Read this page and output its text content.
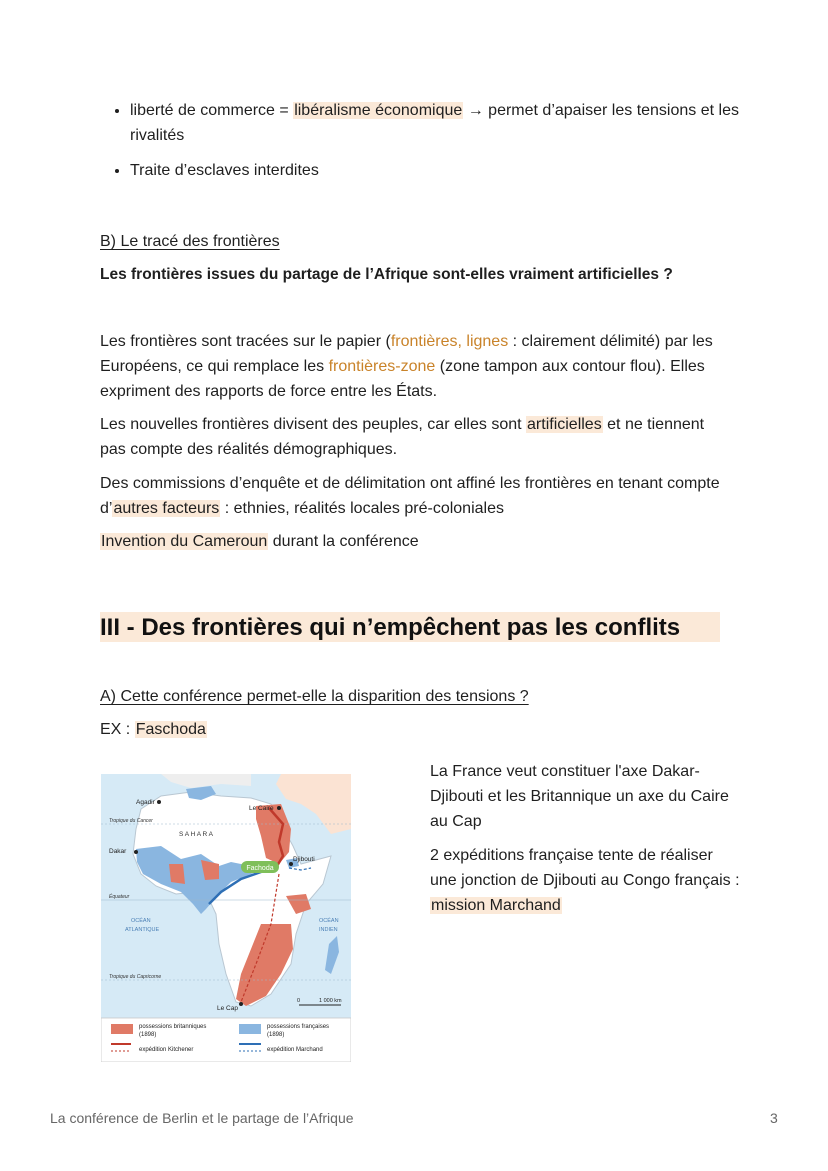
• liberté de commerce = libéralisme économique → permet d’apaiser les tensions et les rivalités
• Traite d’esclaves interdites

B) Le tracé des frontières

Les frontières issues du partage de l’Afrique sont-elles vraiment artificielles ?

Les frontières sont tracées sur le papier (frontières, lignes : clairement délimité) par les Européens, ce qui remplace les frontières-zone (zone tampon aux contour flou). Elles expriment des rapports de force entre les États.

Les nouvelles frontières divisent des peuples, car elles sont artificielles et ne tiennent pas compte des réalités démographiques.

Des commissions d’enquête et de délimitation ont affiné les frontières en tenant compte d’autres facteurs : ethnies, réalités locales pré-coloniales

Invention du Cameroun durant la conférence

III - Des frontières qui n’empêchent pas les conflits

A) Cette conférence permet-elle la disparition des tensions ?

EX : Faschoda

Fachoda
Agadir
Tropique du Cancer
S A H A R A
Le Caire
Dakar
Djibouti
Équateur
OCÉAN
ATLANTIQUE
OCÉAN
INDIEN
Tropique du Capricorne
Le Cap
0	1 000 km
possessions britanniques
(1898)
possessions françaises
(1898)
expédition Kitchener	expédition Marchand

La France veut constituer l'axe Dakar-Djibouti et les Britannique un axe du Caire au Cap

2 expéditions française tente de réaliser une jonction de Djibouti au Congo français : mission Marchand

La conférence de Berlin et le partage de l’Afrique	3
